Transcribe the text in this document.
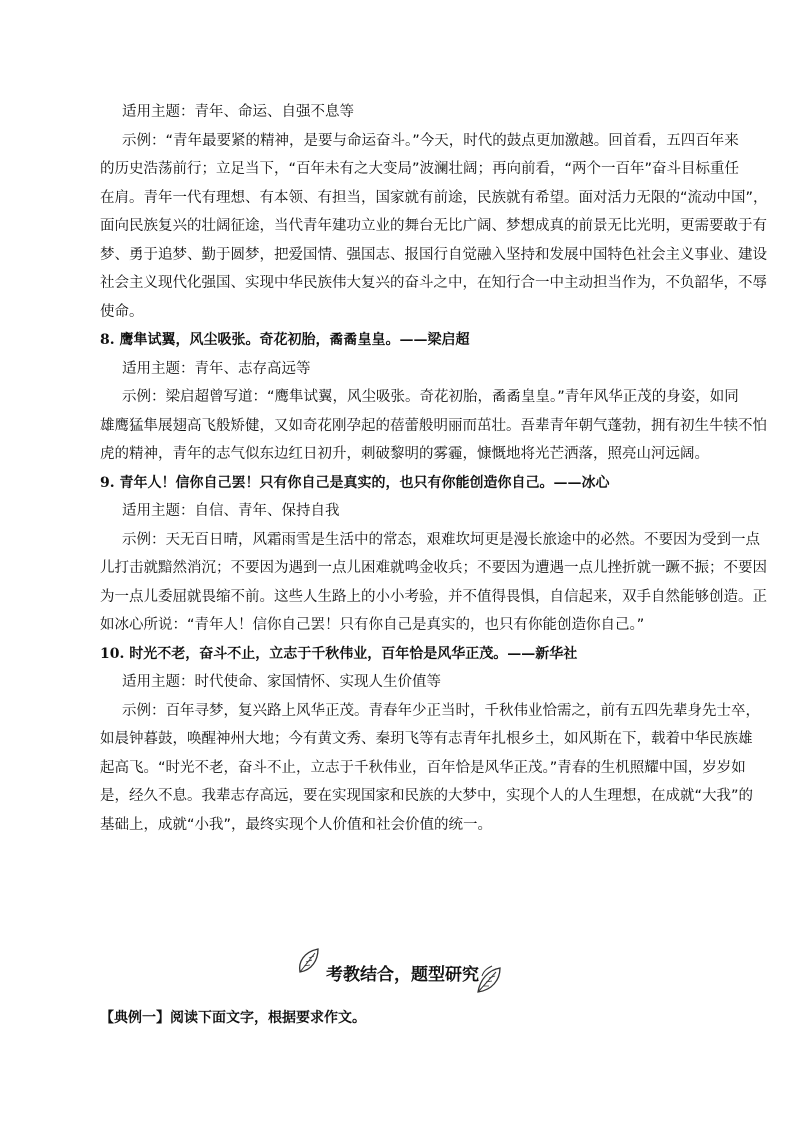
适用主题：青年、命运、自强不息等
示例：“青年最要紧的精神，是要与命运奋斗。”今天，时代的鼓点更加激越。回首看，五四百年来
的历史浩荡前行；立足当下，“百年未有之大变局”波澜壮阔；再向前看，“两个一百年”奋斗目标重任
在肩。青年一代有理想、有本领、有担当，国家就有前途，民族就有希望。面对活力无限的“流动中国”，
面向民族复兴的壮阔征途，当代青年建功立业的舞台无比广阔、梦想成真的前景无比光明，更需要敢于有
梦、勇于追梦、勤于圆梦，把爱国情、强国志、报国行自觉融入坚持和发展中国特色社会主义事业、建设
社会主义现代化强国、实现中华民族伟大复兴的奋斗之中，在知行合一中主动担当作为，不负韶华，不辱
使命。
8. 鹰隼试翼，风尘吸张。奇花初胎，矞矞皇皇。——梁启超
适用主题：青年、志存高远等
示例：梁启超曾写道：“鹰隼试翼，风尘吸张。奇花初胎，矞矞皇皇。”青年风华正茂的身姿，如同
雄鹰猛隼展翅高飞般矫健，又如奇花刚孕起的蓓蕾般明丽而茁壮。吾辈青年朝气蓬勃，拥有初生牛犊不怕
虎的精神，青年的志气似东边红日初升，刺破黎明的雾霾，慷慨地将光芒洒落，照亮山河远阔。
9. 青年人！信你自己罢！只有你自己是真实的，也只有你能创造你自己。——冰心
适用主题：自信、青年、保持自我
示例：天无百日晴，风霜雨雪是生活中的常态，艰难坎坷更是漫长旅途中的必然。不要因为受到一点
儿打击就黯然消沉；不要因为遇到一点儿困难就鸣金收兵；不要因为遭遇一点儿挫折就一蹶不振；不要因
为一点儿委屈就畏缩不前。这些人生路上的小小考验，并不值得畏惧，自信起来，双手自然能够创造。正
如冰心所说：“青年人！信你自己罢！只有你自己是真实的，也只有你能创造你自己。”
10. 时光不老，奋斗不止，立志于千秋伟业，百年恰是风华正茂。——新华社
适用主题：时代使命、家国情怀、实现人生价值等
示例：百年寻梦，复兴路上风华正茂。青春年少正当时，千秋伟业恰需之，前有五四先辈身先士卒，
如晨钟暮鼓，唤醒神州大地；今有黄文秀、秦玥飞等有志青年扎根乡土，如风斯在下，载着中华民族雄
起高飞。“时光不老，奋斗不止，立志于千秋伟业，百年恰是风华正茂。”青春的生机照耀中国，岁岁如
是，经久不息。我辈志存高远，要在实现国家和民族的大梦中，实现个人的人生理想，在成就“大我”的
基础上，成就“小我”，最终实现个人价值和社会价值的统一。
考教结合，题型研究
【典例一】阅读下面文字，根据要求作文。
